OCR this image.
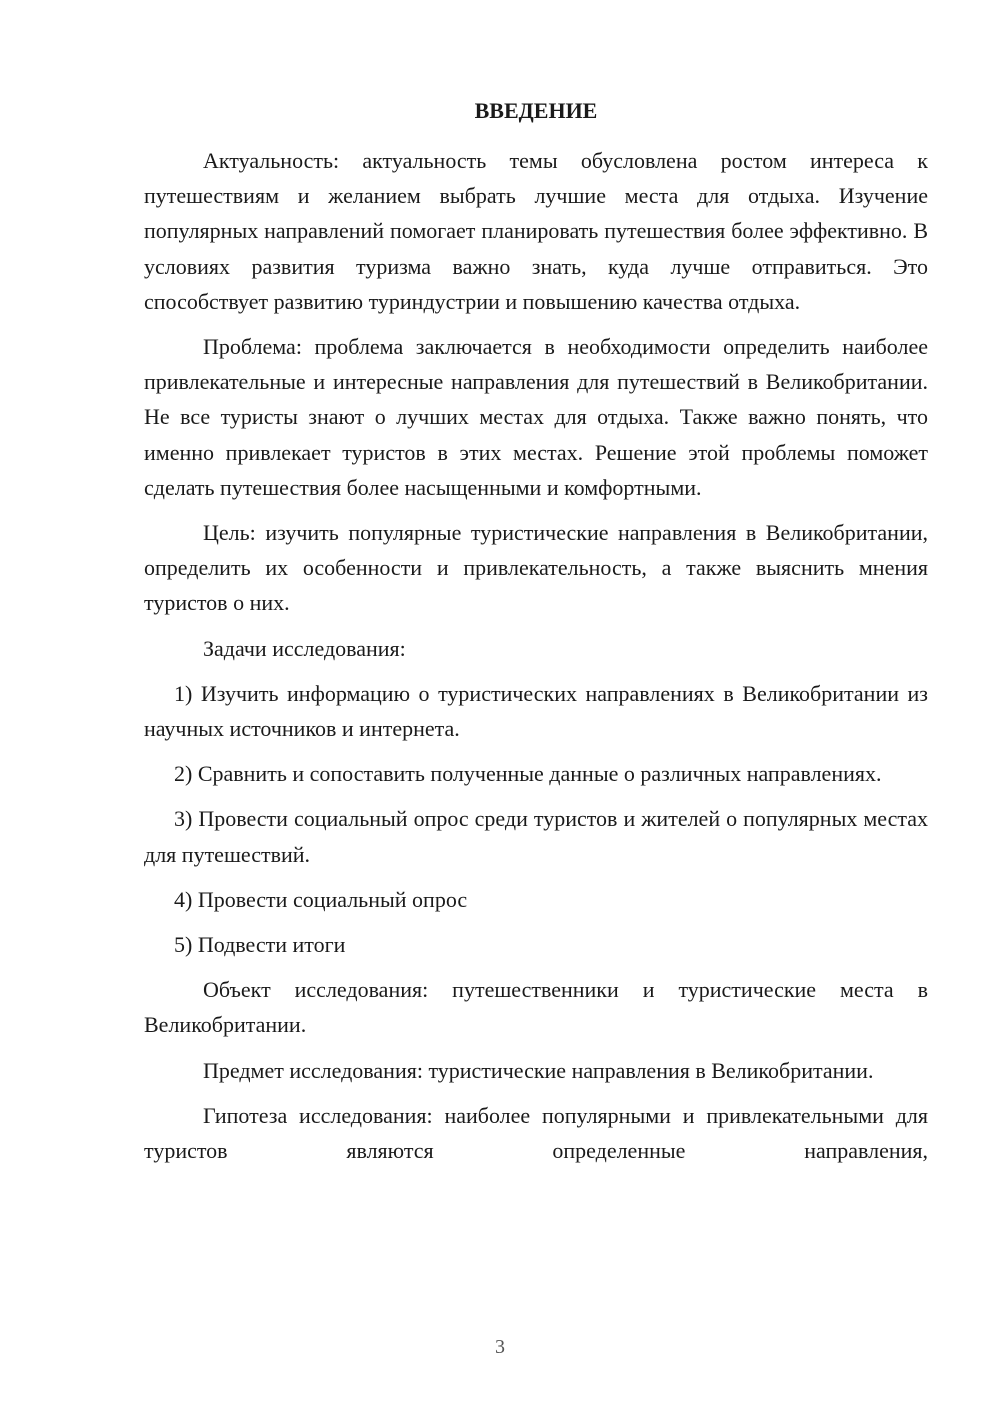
ВВЕДЕНИЕ

Актуальность: актуальность темы обусловлена ростом интереса к путешествиям и желанием выбрать лучшие места для отдыха. Изучение популярных направлений помогает планировать путешествия более эффективно. В условиях развития туризма важно знать, куда лучше отправиться. Это способствует развитию туриндустрии и повышению качества отдыха.

Проблема: проблема заключается в необходимости определить наиболее привлекательные и интересные направления для путешествий в Великобритании. Не все туристы знают о лучших местах для отдыха. Также важно понять, что именно привлекает туристов в этих местах. Решение этой проблемы поможет сделать путешествия более насыщенными и комфортными.

Цель: изучить популярные туристические направления в Великобритании, определить их особенности и привлекательность, а также выяснить мнения туристов о них.

Задачи исследования:

1) Изучить информацию о туристических направлениях в Великобритании из научных источников и интернета.

2) Сравнить и сопоставить полученные данные о различных направлениях.

3) Провести социальный опрос среди туристов и жителей о популярных местах для путешествий.

4) Провести социальный опрос

5) Подвести итоги

Объект исследования: путешественники и туристические места в Великобритании.

Предмет исследования: туристические направления в Великобритании.

Гипотеза исследования: наиболее популярными и привлекательными для туристов являются определенные направления,

3
